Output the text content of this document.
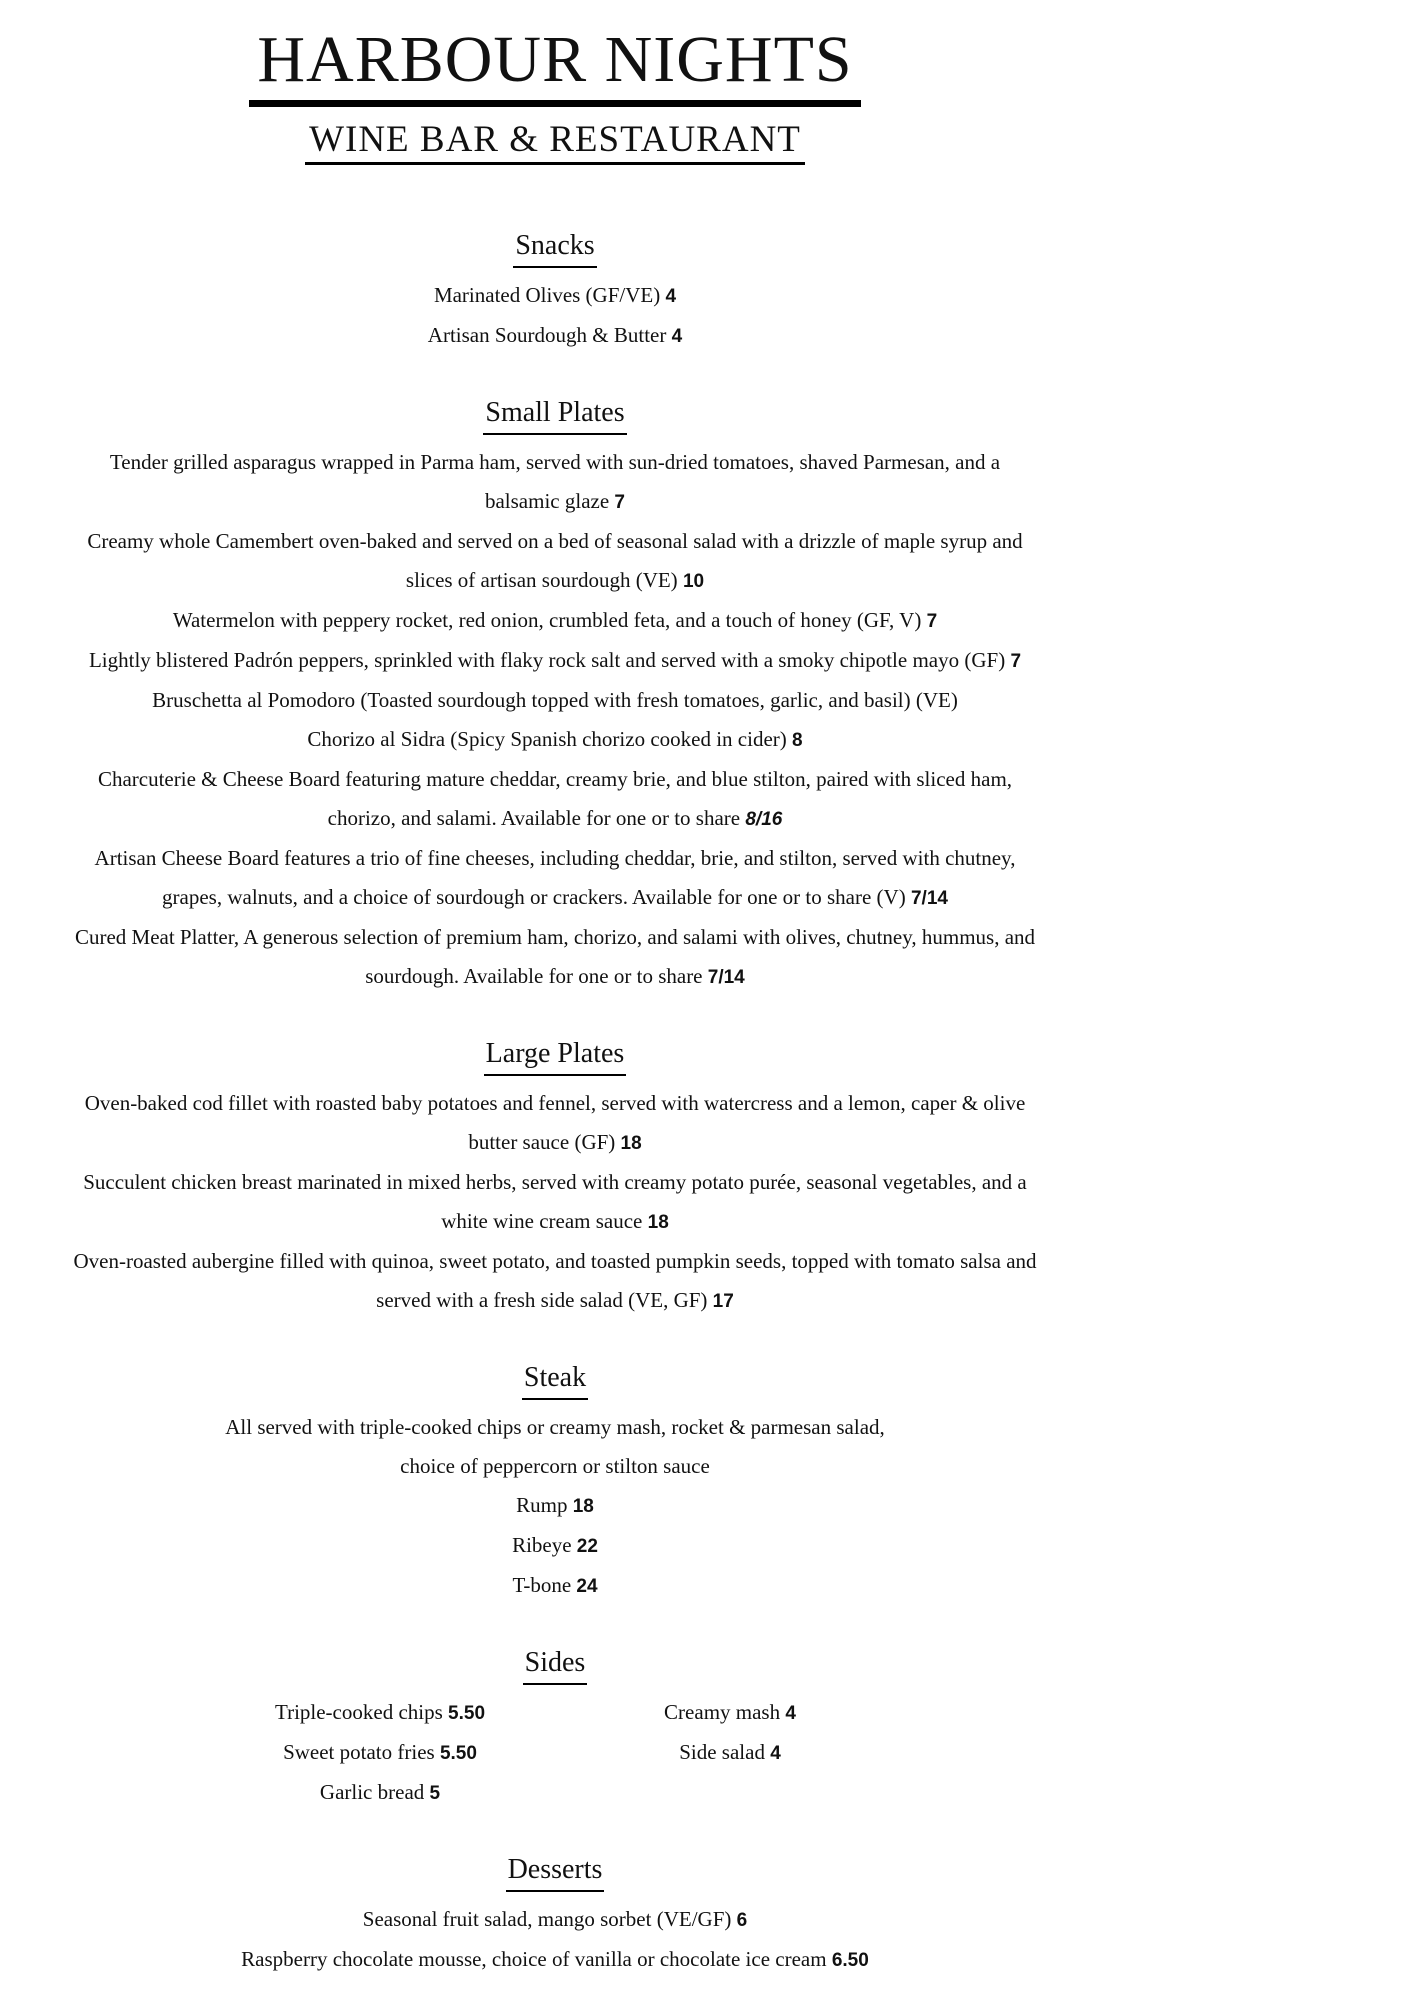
HARBOUR NIGHTS
WINE BAR & RESTAURANT
Snacks

Marinated Olives (GF/VE) 4

Artisan Sourdough & Butter 4

Small Plates

Tender grilled asparagus wrapped in Parma ham, served with sun-dried tomatoes, shaved Parmesan, and a balsamic glaze 7

Creamy whole Camembert oven-baked and served on a bed of seasonal salad with a drizzle of maple syrup and slices of artisan sourdough (VE) 10

Watermelon with peppery rocket, red onion, crumbled feta, and a touch of honey (GF, V) 7

Lightly blistered Padrón peppers, sprinkled with flaky rock salt and served with a smoky chipotle mayo (GF) 7

Bruschetta al Pomodoro (Toasted sourdough topped with fresh tomatoes, garlic, and basil) (VE)

Chorizo al Sidra (Spicy Spanish chorizo cooked in cider) 8

Charcuterie & Cheese Board featuring mature cheddar, creamy brie, and blue stilton, paired with sliced ham, chorizo, and salami. Available for one or to share 8/16

Artisan Cheese Board features a trio of fine cheeses, including cheddar, brie, and stilton, served with chutney, grapes, walnuts, and a choice of sourdough or crackers. Available for one or to share (V) 7/14

Cured Meat Platter, A generous selection of premium ham, chorizo, and salami with olives, chutney, hummus, and sourdough. Available for one or to share 7/14

Large Plates

Oven-baked cod fillet with roasted baby potatoes and fennel, served with watercress and a lemon, caper & olive butter sauce (GF) 18

Succulent chicken breast marinated in mixed herbs, served with creamy potato purée, seasonal vegetables, and a white wine cream sauce 18

Oven-roasted aubergine filled with quinoa, sweet potato, and toasted pumpkin seeds, topped with tomato salsa and served with a fresh side salad (VE, GF) 17

Steak

All served with triple-cooked chips or creamy mash, rocket & parmesan salad,

choice of peppercorn or stilton sauce

Rump 18

Ribeye 22

T-bone 24

Sides

Triple-cooked chips 5.50

Sweet potato fries 5.50

Garlic bread 5

Creamy mash 4

Side salad 4

Desserts

Seasonal fruit salad, mango sorbet (VE/GF) 6

Raspberry chocolate mousse, choice of vanilla or chocolate ice cream 6.50
